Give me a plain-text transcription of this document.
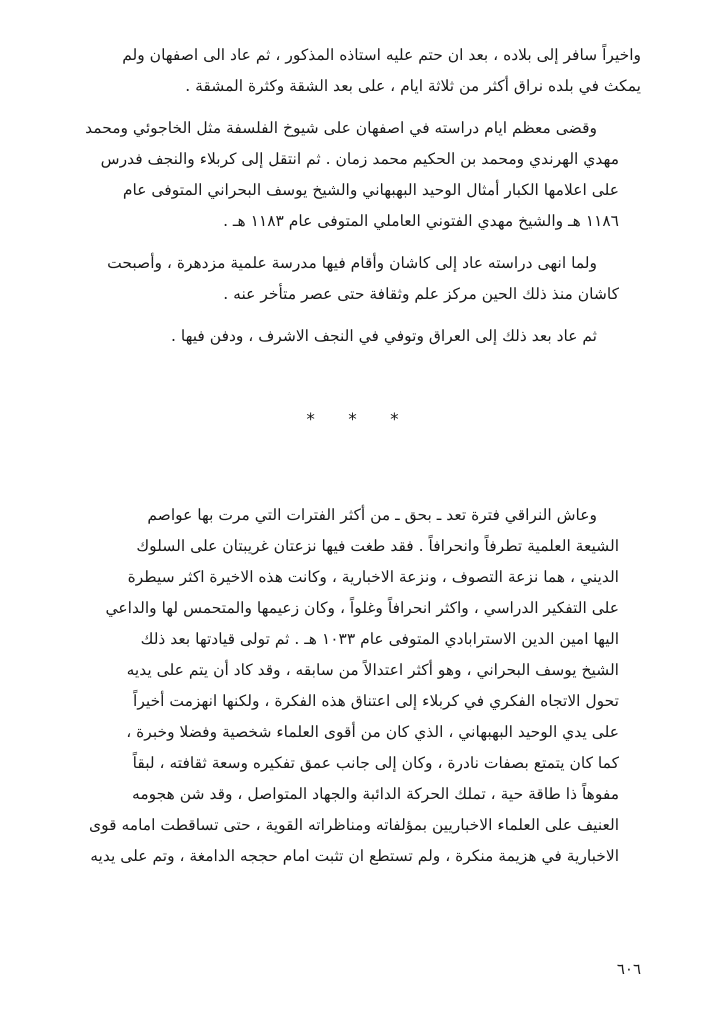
واخيراً سافر إلى بلاده ، بعد ان حتم عليه استاذه المذكور ، ثم عاد الى اصفهان ولم
يمكث في بلده نراق أكثر من ثلاثة ايام ، على بعد الشقة وكثرة المشقة .

وقضى معظم ايام دراسته في اصفهان على شيوخ الفلسفة مثل الخاجوئي ومحمد
مهدي الهرندي ومحمد بن الحكيم محمد زمان . ثم انتقل إلى كربلاء والنجف فدرس
على اعلامها الكبار أمثال الوحيد البهبهاني والشيخ يوسف البحراني المتوفى عام
١١٨٦ هـ والشيخ مهدي الفتوني العاملي المتوفى عام ١١٨٣ هـ .

ولما انهى دراسته عاد إلى كاشان وأقام فيها مدرسة علمية مزدهرة ، وأصبحت
كاشان منذ ذلك الحين مركز علم وثقافة حتى عصر متأخر عنه .

ثم عاد بعد ذلك إلى العراق وتوفي في النجف الاشرف ، ودفن فيها .

* * *

وعاش النراقي فترة تعد ـ بحق ـ من أكثر الفترات التي مرت بها عواصم
الشيعة العلمية تطرفاً وانحرافاً . فقد طغت فيها نزعتان غريبتان على السلوك
الديني ، هما نزعة التصوف ، ونزعة الاخبارية ، وكانت هذه الاخيرة اكثر سيطرة
على التفكير الدراسي ، واكثر انحرافاً وغلواً ، وكان زعيمها والمتحمس لها والداعي
اليها امين الدين الاسترابادي المتوفى عام ١٠٣٣ هـ . ثم تولى قيادتها بعد ذلك
الشيخ يوسف البحراني ، وهو أكثر اعتدالاً من سابقه ، وقد كاد أن يتم على يديه
تحول الاتجاه الفكري في كربلاء إلى اعتناق هذه الفكرة ، ولكنها انهزمت أخيراً
على يدي الوحيد البهبهاني ، الذي كان من أقوى العلماء شخصية وفضلا وخبرة ،
كما كان يتمتع بصفات نادرة ، وكان إلى جانب عمق تفكيره وسعة ثقافته ، لبقاً
مفوهاً ذا طاقة حية ، تملك الحركة الدائبة والجهاد المتواصل ، وقد شن هجومه
العنيف على العلماء الاخباريين بمؤلفاته ومناظراته القوية ، حتى تساقطت امامه قوى
الاخبارية في هزيمة منكرة ، ولم تستطع ان تثبت امام حججه الدامغة ، وتم على يديه

٦٠٦
